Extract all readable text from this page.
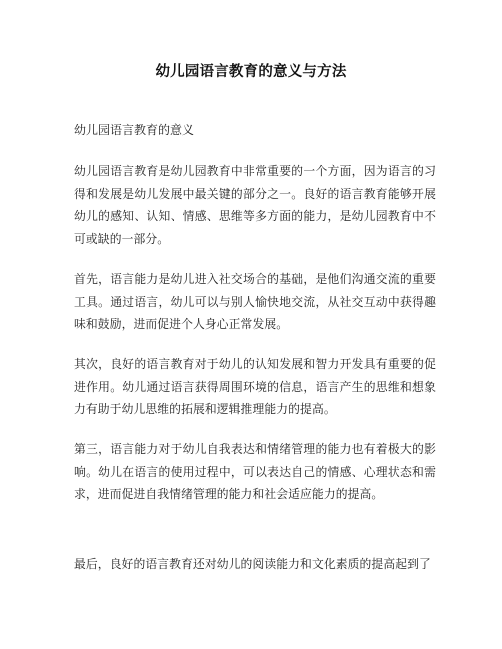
幼儿园语言教育的意义与方法
幼儿园语言教育的意义

幼儿园语言教育是幼儿园教育中非常重要的一个方面，因为语言的习得和发展是幼儿发展中最关键的部分之一。良好的语言教育能够开展幼儿的感知、认知、情感、思维等多方面的能力，是幼儿园教育中不可或缺的一部分。

首先，语言能力是幼儿进入社交场合的基础，是他们沟通交流的重要工具。通过语言，幼儿可以与别人愉快地交流，从社交互动中获得趣味和鼓励，进而促进个人身心正常发展。

其次，良好的语言教育对于幼儿的认知发展和智力开发具有重要的促进作用。幼儿通过语言获得周围环境的信息，语言产生的思维和想象力有助于幼儿思维的拓展和逻辑推理能力的提高。

第三，语言能力对于幼儿自我表达和情绪管理的能力也有着极大的影响。幼儿在语言的使用过程中，可以表达自己的情感、心理状态和需求，进而促进自我情绪管理的能力和社会适应能力的提高。

最后，良好的语言教育还对幼儿的阅读能力和文化素质的提高起到了
